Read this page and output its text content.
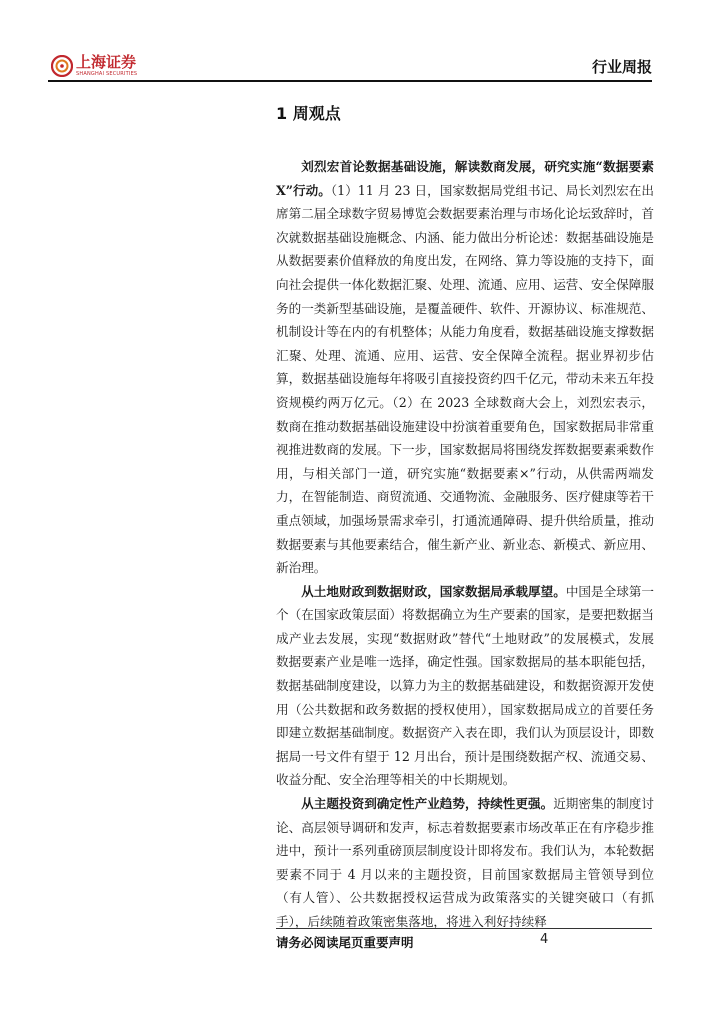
上海证券
SHANGHAI SECURITIES	行业周报
1 周观点

刘烈宏首论数据基础设施，解读数商发展，研究实施“数据要素 X”行动。（1）11 月 23 日，国家数据局党组书记、局长刘烈宏在出席第二届全球数字贸易博览会数据要素治理与市场化论坛致辞时，首次就数据基础设施概念、内涵、能力做出分析论述：数据基础设施是从数据要素价值释放的角度出发，在网络、算力等设施的支持下，面向社会提供一体化数据汇聚、处理、流通、应用、运营、安全保障服务的一类新型基础设施，是覆盖硬件、软件、开源协议、标准规范、机制设计等在内的有机整体；从能力角度看，数据基础设施支撑数据汇聚、处理、流通、应用、运营、安全保障全流程。据业界初步估算，数据基础设施每年将吸引直接投资约四千亿元，带动未来五年投资规模约两万亿元。（2）在 2023 全球数商大会上，刘烈宏表示，数商在推动数据基础设施建设中扮演着重要角色，国家数据局非常重视推进数商的发展。下一步，国家数据局将围绕发挥数据要素乘数作用，与相关部门一道，研究实施“数据要素×”行动，从供需两端发力，在智能制造、商贸流通、交通物流、金融服务、医疗健康等若干重点领域，加强场景需求牵引，打通流通障碍、提升供给质量，推动数据要素与其他要素结合，催生新产业、新业态、新模式、新应用、新治理。

从土地财政到数据财政，国家数据局承载厚望。中国是全球第一个（在国家政策层面）将数据确立为生产要素的国家，是要把数据当成产业去发展，实现“数据财政”替代“土地财政”的发展模式，发展数据要素产业是唯一选择，确定性强。国家数据局的基本职能包括，数据基础制度建设，以算力为主的数据基础建设，和数据资源开发使用（公共数据和政务数据的授权使用），国家数据局成立的首要任务即建立数据基础制度。数据资产入表在即，我们认为顶层设计，即数据局一号文件有望于 12 月出台，预计是围绕数据产权、流通交易、收益分配、安全治理等相关的中长期规划。

从主题投资到确定性产业趋势，持续性更强。近期密集的制度讨论、高层领导调研和发声，标志着数据要素市场改革正在有序稳步推进中，预计一系列重磅顶层制度设计即将发布。我们认为，本轮数据要素不同于 4 月以来的主题投资，目前国家数据局主管领导到位（有人管）、公共数据授权运营成为政策落实的关键突破口（有抓手），后续随着政策密集落地，将进入利好持续释

请务必阅读尾页重要声明	4
